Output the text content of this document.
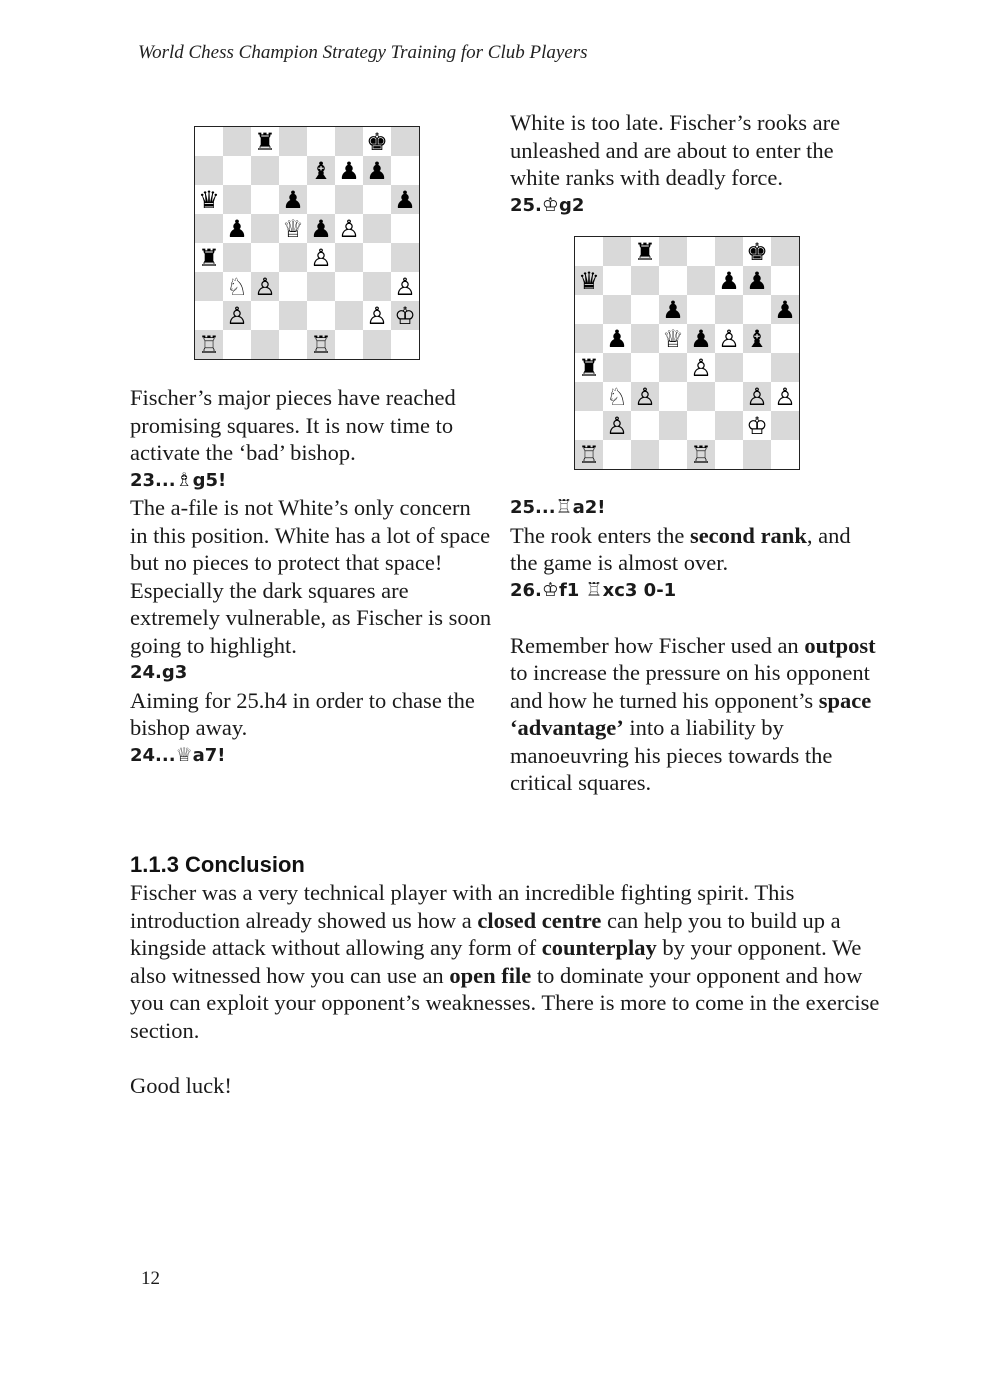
World Chess Champion Strategy Training for Club Players
♜	♚
♝ ♟ ♟
♛	♟	♟
♟ ♕ ♟ ♙
♜	♙
♘ ♙	♙
♙	♙ ♔
♖	♖
♜	♚
♛	♟ ♟
♟	♟
♟ ♕ ♟ ♙ ♝
♜	♙
♘ ♙	♙ ♙
♙	♔
♖	♖

Fischer’s major pieces have reached promising squares. It is now time to activate the ‘bad’ bishop.

23...♗g5!

The a-file is not White’s only concern in this position. White has a lot of space but no pieces to protect that space! Especially the dark squares are extremely vulnerable, as Fischer is soon going to highlight.

24.g3

Aiming for 25.h4 in order to chase the bishop away.

24...♕a7!

White is too late. Fischer’s rooks are unleashed and are about to enter the white ranks with deadly force.

25.♔g2

25...♖a2!

The rook enters the second rank, and the game is almost over.

26.♔f1 ♖xc3 0-1

Remember how Fischer used an outpost to increase the pressure on his opponent and how he turned his opponent’s space ‘advantage’ into a liability by manoeuvring his pieces towards the critical squares.

1.1.3 Conclusion

Fischer was a very technical player with an incredible fighting spirit. This introduction already showed us how a closed centre can help you to build up a kingside attack without allowing any form of counterplay by your opponent. We also witnessed how you can use an open file to dominate your opponent and how you can exploit your opponent’s weaknesses. There is more to come in the exercise section.

Good luck!

12
